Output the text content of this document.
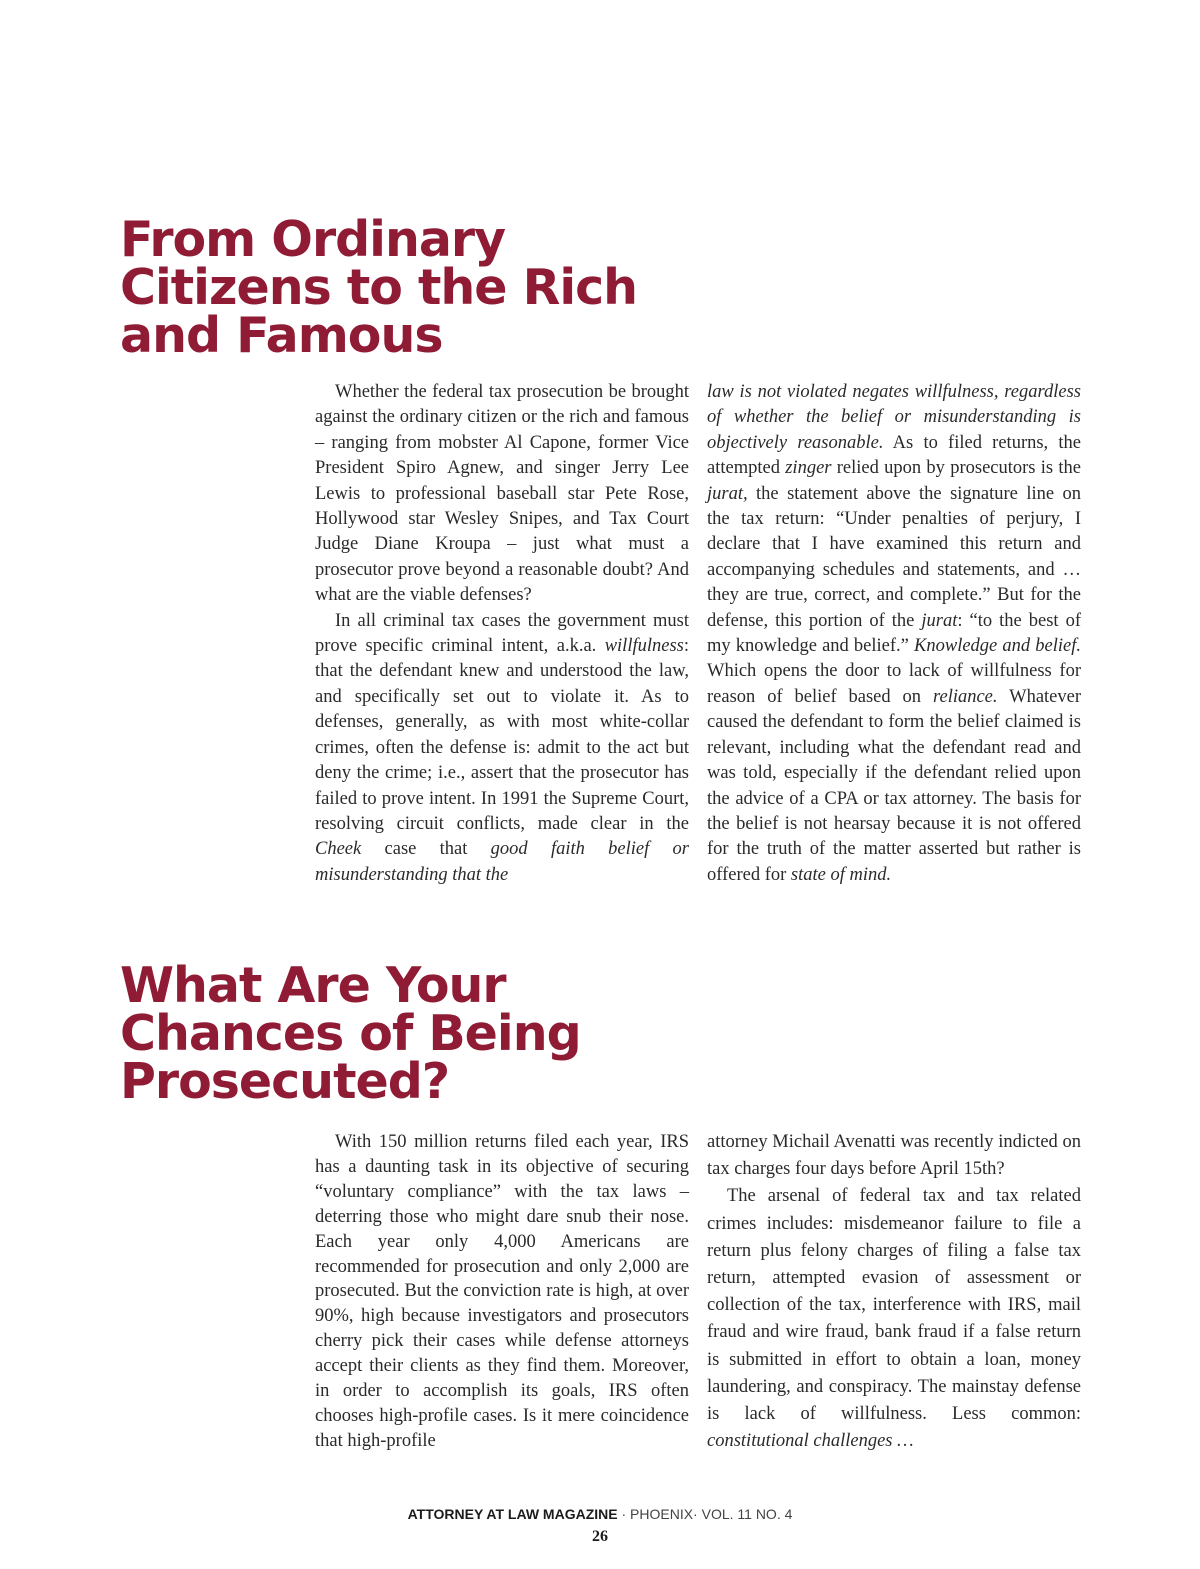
From Ordinary
Citizens to the Rich
and Famous

Whether the federal tax prosecution be brought against the ordinary citizen or the rich and famous – ranging from mobster Al Capone, former Vice President Spiro Agnew, and singer Jerry Lee Lewis to professional baseball star Pete Rose, Hollywood star Wesley Snipes, and Tax Court Judge Diane Kroupa – just what must a prosecutor prove beyond a reasonable doubt? And what are the viable defenses?

In all criminal tax cases the government must prove specific criminal intent, a.k.a. willfulness: that the defendant knew and understood the law, and specifically set out to violate it. As to defenses, generally, as with most white-collar crimes, often the defense is: admit to the act but deny the crime; i.e., assert that the prosecutor has failed to prove intent. In 1991 the Supreme Court, resolving circuit conflicts, made clear in the Cheek case that good faith belief or misunderstanding that the

law is not violated negates willfulness, regardless of whether the belief or misunderstanding is objectively reasonable. As to filed returns, the attempted zinger relied upon by prosecutors is the jurat, the statement above the signature line on the tax return: “Under penalties of perjury, I declare that I have examined this return and accompanying schedules and statements, and … they are true, correct, and complete.” But for the defense, this portion of the jurat: “to the best of my knowledge and belief.” Knowledge and belief. Which opens the door to lack of willfulness for reason of belief based on reliance. Whatever caused the defendant to form the belief claimed is relevant, including what the defendant read and was told, especially if the defendant relied upon the advice of a CPA or tax attorney. The basis for the belief is not hearsay because it is not offered for the truth of the matter asserted but rather is offered for state of mind.

What Are Your
Chances of Being
Prosecuted?

With 150 million returns filed each year, IRS has a daunting task in its objective of securing “voluntary compliance” with the tax laws – deterring those who might dare snub their nose. Each year only 4,000 Americans are recommended for prosecution and only 2,000 are prosecuted. But the conviction rate is high, at over 90%, high because investigators and prosecutors cherry pick their cases while defense attorneys accept their clients as they find them. Moreover, in order to accomplish its goals, IRS often chooses high-profile cases. Is it mere coincidence that high-profile

attorney Michail Avenatti was recently indicted on tax charges four days before April 15th?

The arsenal of federal tax and tax related crimes includes: misdemeanor failure to file a return plus felony charges of filing a false tax return, attempted evasion of assessment or collection of the tax, interference with IRS, mail fraud and wire fraud, bank fraud if a false return is submitted in effort to obtain a loan, money laundering, and conspiracy. The mainstay defense is lack of willfulness. Less common: constitutional challenges …

ATTORNEY AT LAW MAGAZINE · PHOENIX· VOL. 11 NO. 4
26
